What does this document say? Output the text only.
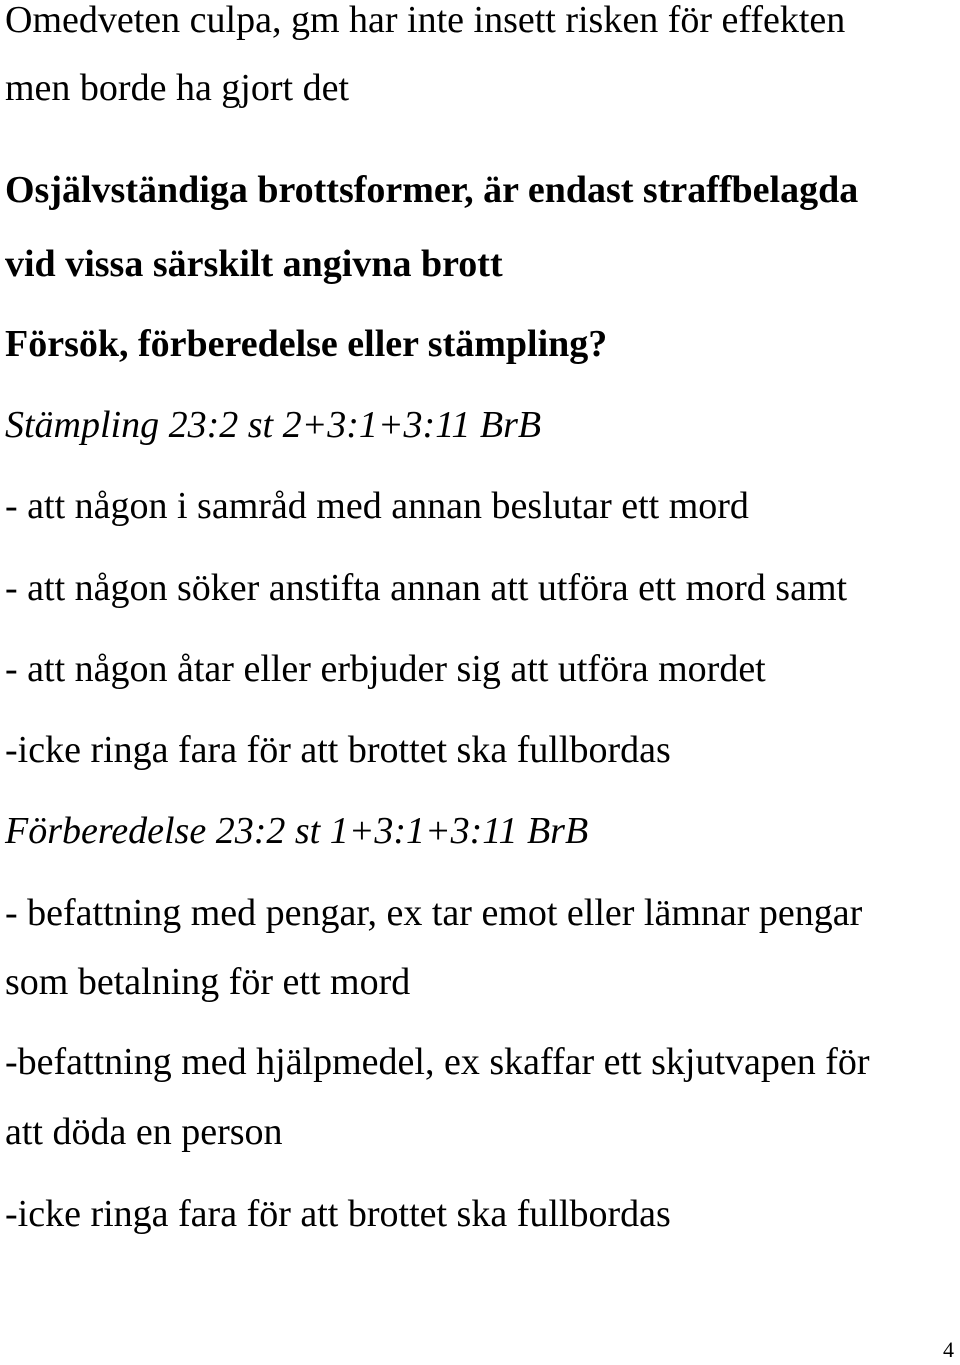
Omedveten culpa, gm har inte insett risken för effekten

men borde ha gjort det

Osjälvständiga brottsformer, är endast straffbelagda

vid vissa särskilt angivna brott

Försök, förberedelse eller stämpling?

Stämpling 23:2 st 2+3:1+3:11 BrB

- att någon i samråd med annan beslutar ett mord

- att någon söker anstifta annan att utföra ett mord samt

- att någon åtar eller erbjuder sig att utföra mordet

-icke ringa fara för att brottet ska fullbordas

Förberedelse 23:2 st 1+3:1+3:11 BrB

- befattning med pengar, ex tar emot eller lämnar pengar

som betalning för ett mord

-befattning med hjälpmedel, ex skaffar ett skjutvapen för

att döda en person

-icke ringa fara för att brottet ska fullbordas

4
